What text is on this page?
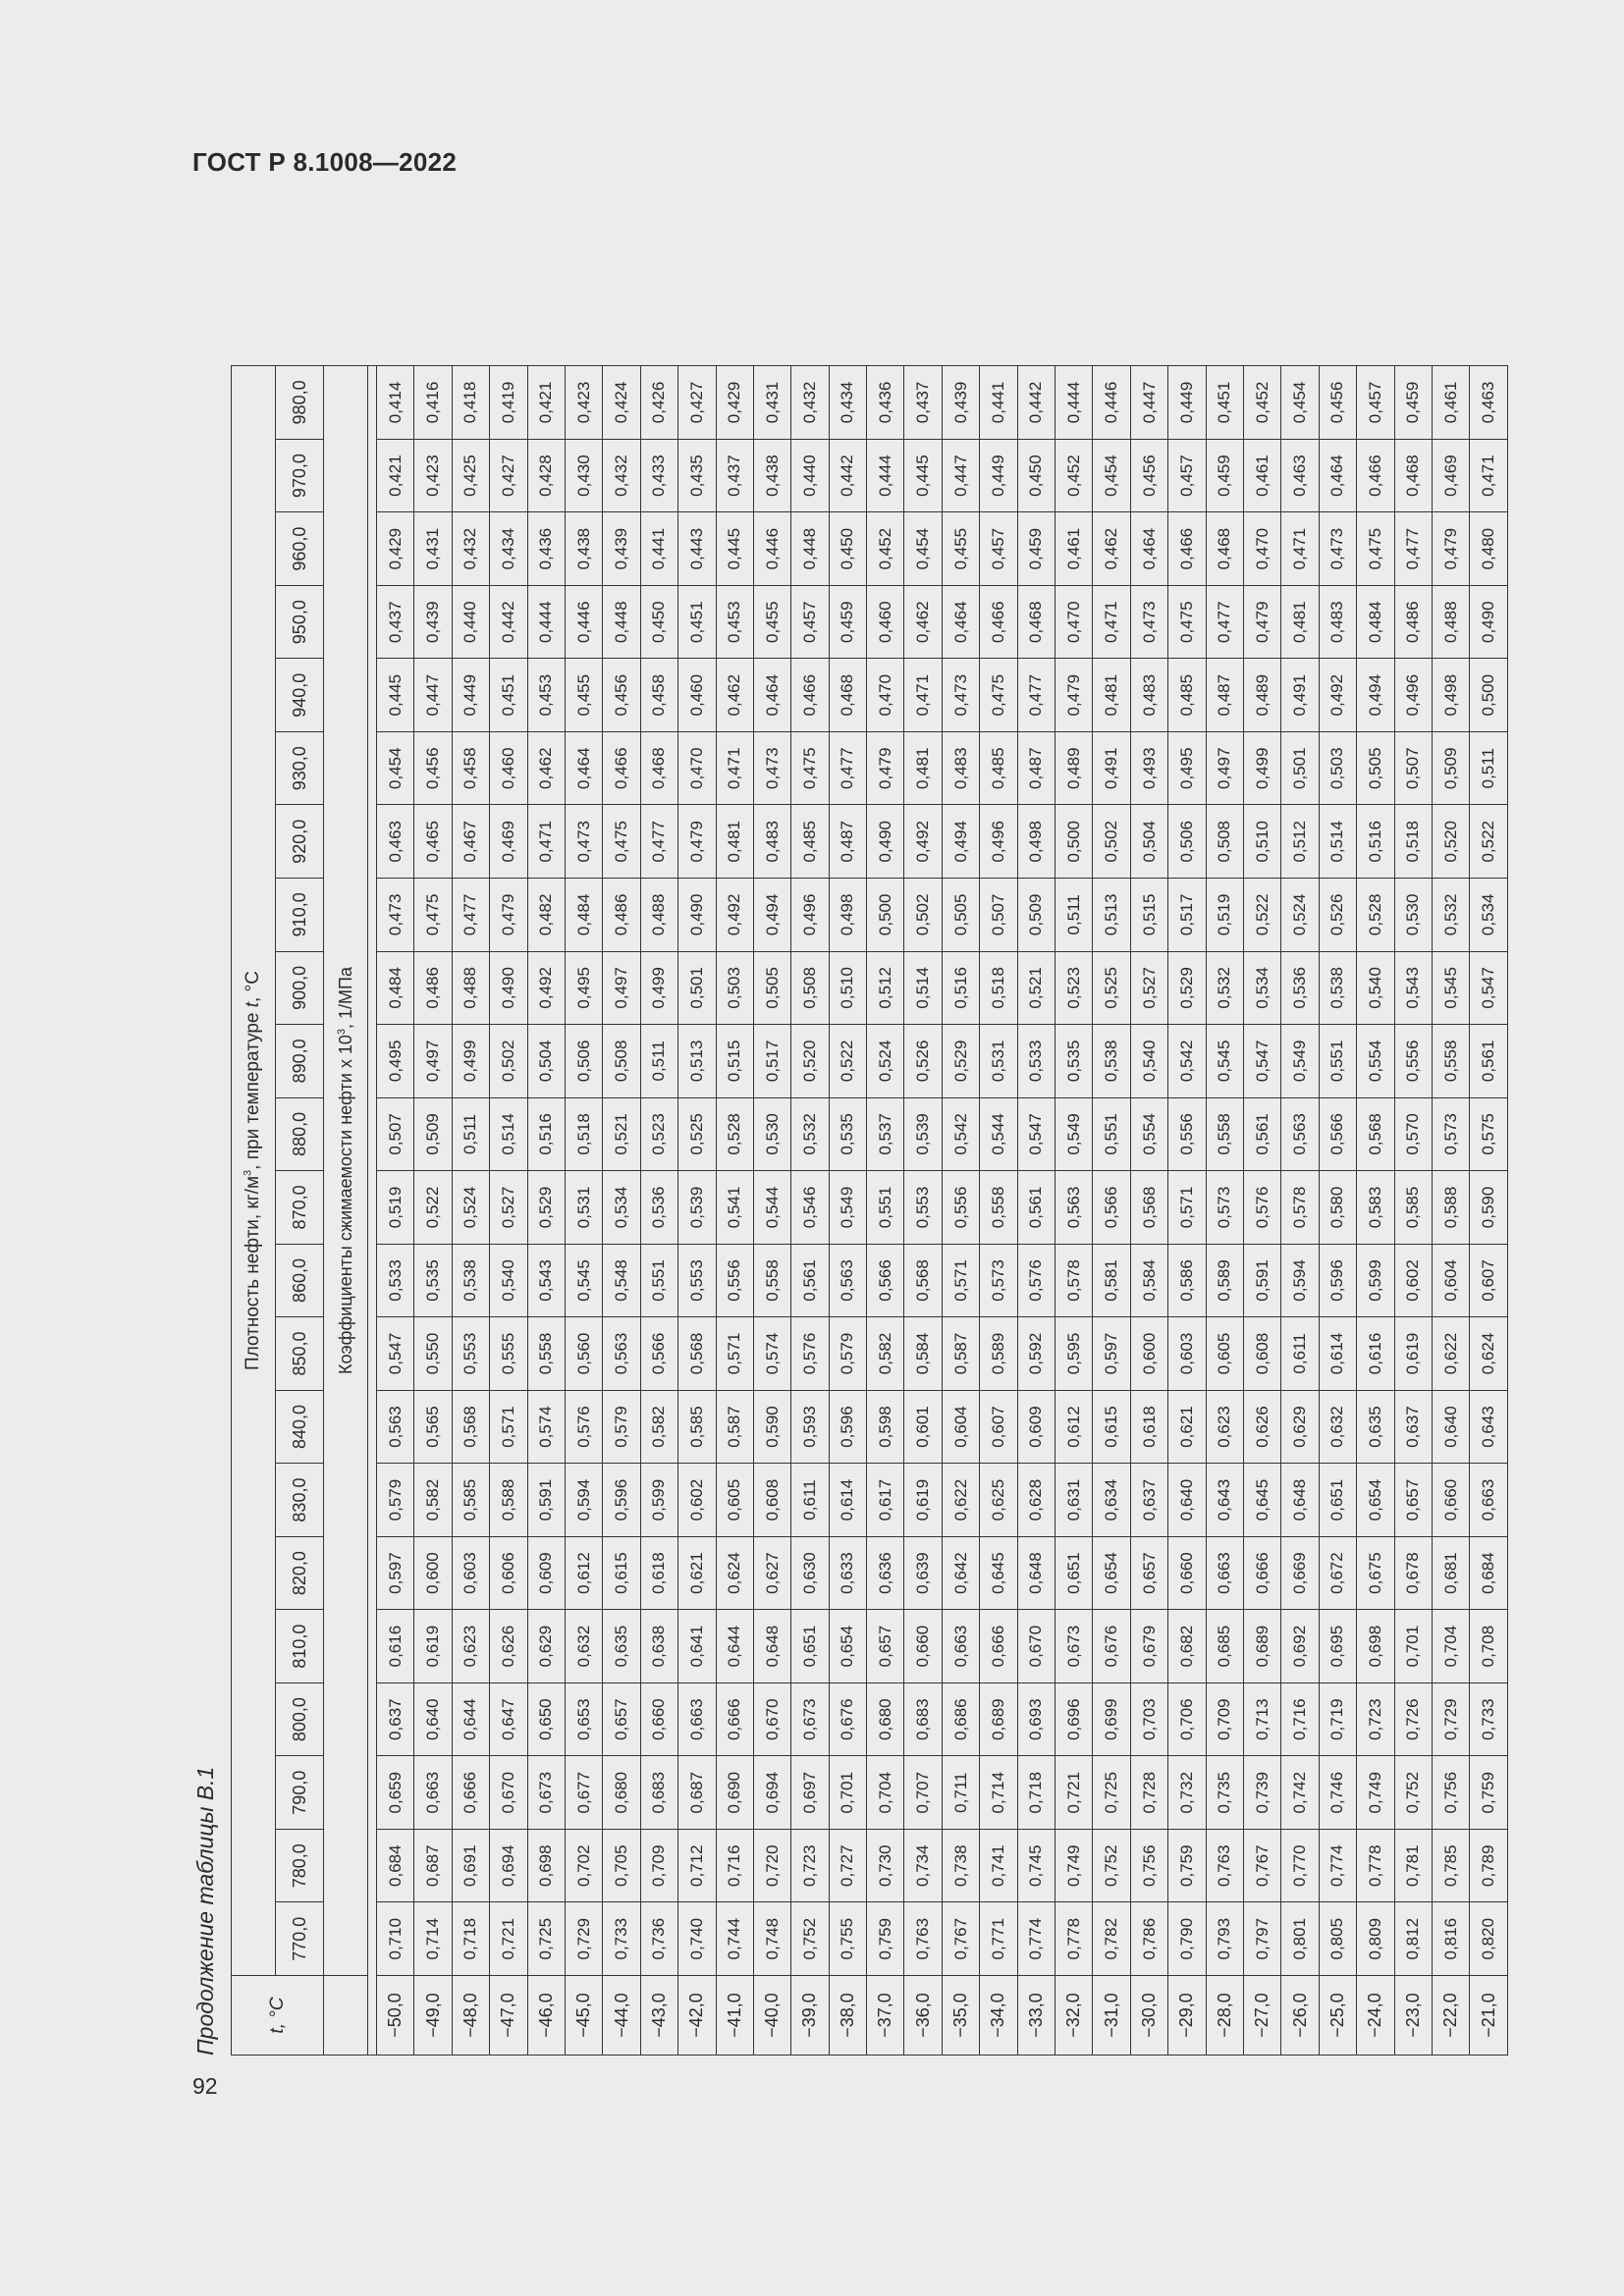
ГОСТ Р 8.1008—2022
92
Продолжение таблицы В.1	t, °C	Плотность нефти, $кг/м^3$, при температуре t, °С																					
	770,0	780,0	790,0	800,0	810,0	820,0	830,0	840,0	850,0	860,0	870,0	880,0	890,0	900,0	910,0	920,0	930,0	940,0	950,0	960,0	970,0	980,0
	Коэффициенты сжимаемости нефти х $10^3$, 1/МПа																					

−50,0	0,710	0,684	0,659	0,637	0,616	0,597	0,579	0,563	0,547	0,533	0,519	0,507	0,495	0,484	0,473	0,463	0,454	0,445	0,437	0,429	0,421	0,414
−49,0	0,714	0,687	0,663	0,640	0,619	0,600	0,582	0,565	0,550	0,535	0,522	0,509	0,497	0,486	0,475	0,465	0,456	0,447	0,439	0,431	0,423	0,416
−48,0	0,718	0,691	0,666	0,644	0,623	0,603	0,585	0,568	0,553	0,538	0,524	0,511	0,499	0,488	0,477	0,467	0,458	0,449	0,440	0,432	0,425	0,418
−47,0	0,721	0,694	0,670	0,647	0,626	0,606	0,588	0,571	0,555	0,540	0,527	0,514	0,502	0,490	0,479	0,469	0,460	0,451	0,442	0,434	0,427	0,419
−46,0	0,725	0,698	0,673	0,650	0,629	0,609	0,591	0,574	0,558	0,543	0,529	0,516	0,504	0,492	0,482	0,471	0,462	0,453	0,444	0,436	0,428	0,421
−45,0	0,729	0,702	0,677	0,653	0,632	0,612	0,594	0,576	0,560	0,545	0,531	0,518	0,506	0,495	0,484	0,473	0,464	0,455	0,446	0,438	0,430	0,423
−44,0	0,733	0,705	0,680	0,657	0,635	0,615	0,596	0,579	0,563	0,548	0,534	0,521	0,508	0,497	0,486	0,475	0,466	0,456	0,448	0,439	0,432	0,424
−43,0	0,736	0,709	0,683	0,660	0,638	0,618	0,599	0,582	0,566	0,551	0,536	0,523	0,511	0,499	0,488	0,477	0,468	0,458	0,450	0,441	0,433	0,426
−42,0	0,740	0,712	0,687	0,663	0,641	0,621	0,602	0,585	0,568	0,553	0,539	0,525	0,513	0,501	0,490	0,479	0,470	0,460	0,451	0,443	0,435	0,427
−41,0	0,744	0,716	0,690	0,666	0,644	0,624	0,605	0,587	0,571	0,556	0,541	0,528	0,515	0,503	0,492	0,481	0,471	0,462	0,453	0,445	0,437	0,429
−40,0	0,748	0,720	0,694	0,670	0,648	0,627	0,608	0,590	0,574	0,558	0,544	0,530	0,517	0,505	0,494	0,483	0,473	0,464	0,455	0,446	0,438	0,431
−39,0	0,752	0,723	0,697	0,673	0,651	0,630	0,611	0,593	0,576	0,561	0,546	0,532	0,520	0,508	0,496	0,485	0,475	0,466	0,457	0,448	0,440	0,432
−38,0	0,755	0,727	0,701	0,676	0,654	0,633	0,614	0,596	0,579	0,563	0,549	0,535	0,522	0,510	0,498	0,487	0,477	0,468	0,459	0,450	0,442	0,434
−37,0	0,759	0,730	0,704	0,680	0,657	0,636	0,617	0,598	0,582	0,566	0,551	0,537	0,524	0,512	0,500	0,490	0,479	0,470	0,460	0,452	0,444	0,436
−36,0	0,763	0,734	0,707	0,683	0,660	0,639	0,619	0,601	0,584	0,568	0,553	0,539	0,526	0,514	0,502	0,492	0,481	0,471	0,462	0,454	0,445	0,437
−35,0	0,767	0,738	0,711	0,686	0,663	0,642	0,622	0,604	0,587	0,571	0,556	0,542	0,529	0,516	0,505	0,494	0,483	0,473	0,464	0,455	0,447	0,439
−34,0	0,771	0,741	0,714	0,689	0,666	0,645	0,625	0,607	0,589	0,573	0,558	0,544	0,531	0,518	0,507	0,496	0,485	0,475	0,466	0,457	0,449	0,441
−33,0	0,774	0,745	0,718	0,693	0,670	0,648	0,628	0,609	0,592	0,576	0,561	0,547	0,533	0,521	0,509	0,498	0,487	0,477	0,468	0,459	0,450	0,442
−32,0	0,778	0,749	0,721	0,696	0,673	0,651	0,631	0,612	0,595	0,578	0,563	0,549	0,535	0,523	0,511	0,500	0,489	0,479	0,470	0,461	0,452	0,444
−31,0	0,782	0,752	0,725	0,699	0,676	0,654	0,634	0,615	0,597	0,581	0,566	0,551	0,538	0,525	0,513	0,502	0,491	0,481	0,471	0,462	0,454	0,446
−30,0	0,786	0,756	0,728	0,703	0,679	0,657	0,637	0,618	0,600	0,584	0,568	0,554	0,540	0,527	0,515	0,504	0,493	0,483	0,473	0,464	0,456	0,447
−29,0	0,790	0,759	0,732	0,706	0,682	0,660	0,640	0,621	0,603	0,586	0,571	0,556	0,542	0,529	0,517	0,506	0,495	0,485	0,475	0,466	0,457	0,449
−28,0	0,793	0,763	0,735	0,709	0,685	0,663	0,643	0,623	0,605	0,589	0,573	0,558	0,545	0,532	0,519	0,508	0,497	0,487	0,477	0,468	0,459	0,451
−27,0	0,797	0,767	0,739	0,713	0,689	0,666	0,645	0,626	0,608	0,591	0,576	0,561	0,547	0,534	0,522	0,510	0,499	0,489	0,479	0,470	0,461	0,452
−26,0	0,801	0,770	0,742	0,716	0,692	0,669	0,648	0,629	0,611	0,594	0,578	0,563	0,549	0,536	0,524	0,512	0,501	0,491	0,481	0,471	0,463	0,454
−25,0	0,805	0,774	0,746	0,719	0,695	0,672	0,651	0,632	0,614	0,596	0,580	0,566	0,551	0,538	0,526	0,514	0,503	0,492	0,483	0,473	0,464	0,456
−24,0	0,809	0,778	0,749	0,723	0,698	0,675	0,654	0,635	0,616	0,599	0,583	0,568	0,554	0,540	0,528	0,516	0,505	0,494	0,484	0,475	0,466	0,457
−23,0	0,812	0,781	0,752	0,726	0,701	0,678	0,657	0,637	0,619	0,602	0,585	0,570	0,556	0,543	0,530	0,518	0,507	0,496	0,486	0,477	0,468	0,459
−22,0	0,816	0,785	0,756	0,729	0,704	0,681	0,660	0,640	0,622	0,604	0,588	0,573	0,558	0,545	0,532	0,520	0,509	0,498	0,488	0,479	0,469	0,461
−21,0	0,820	0,789	0,759	0,733	0,708	0,684	0,663	0,643	0,624	0,607	0,590	0,575	0,561	0,547	0,534	0,522	0,511	0,500	0,490	0,480	0,471	0,463
